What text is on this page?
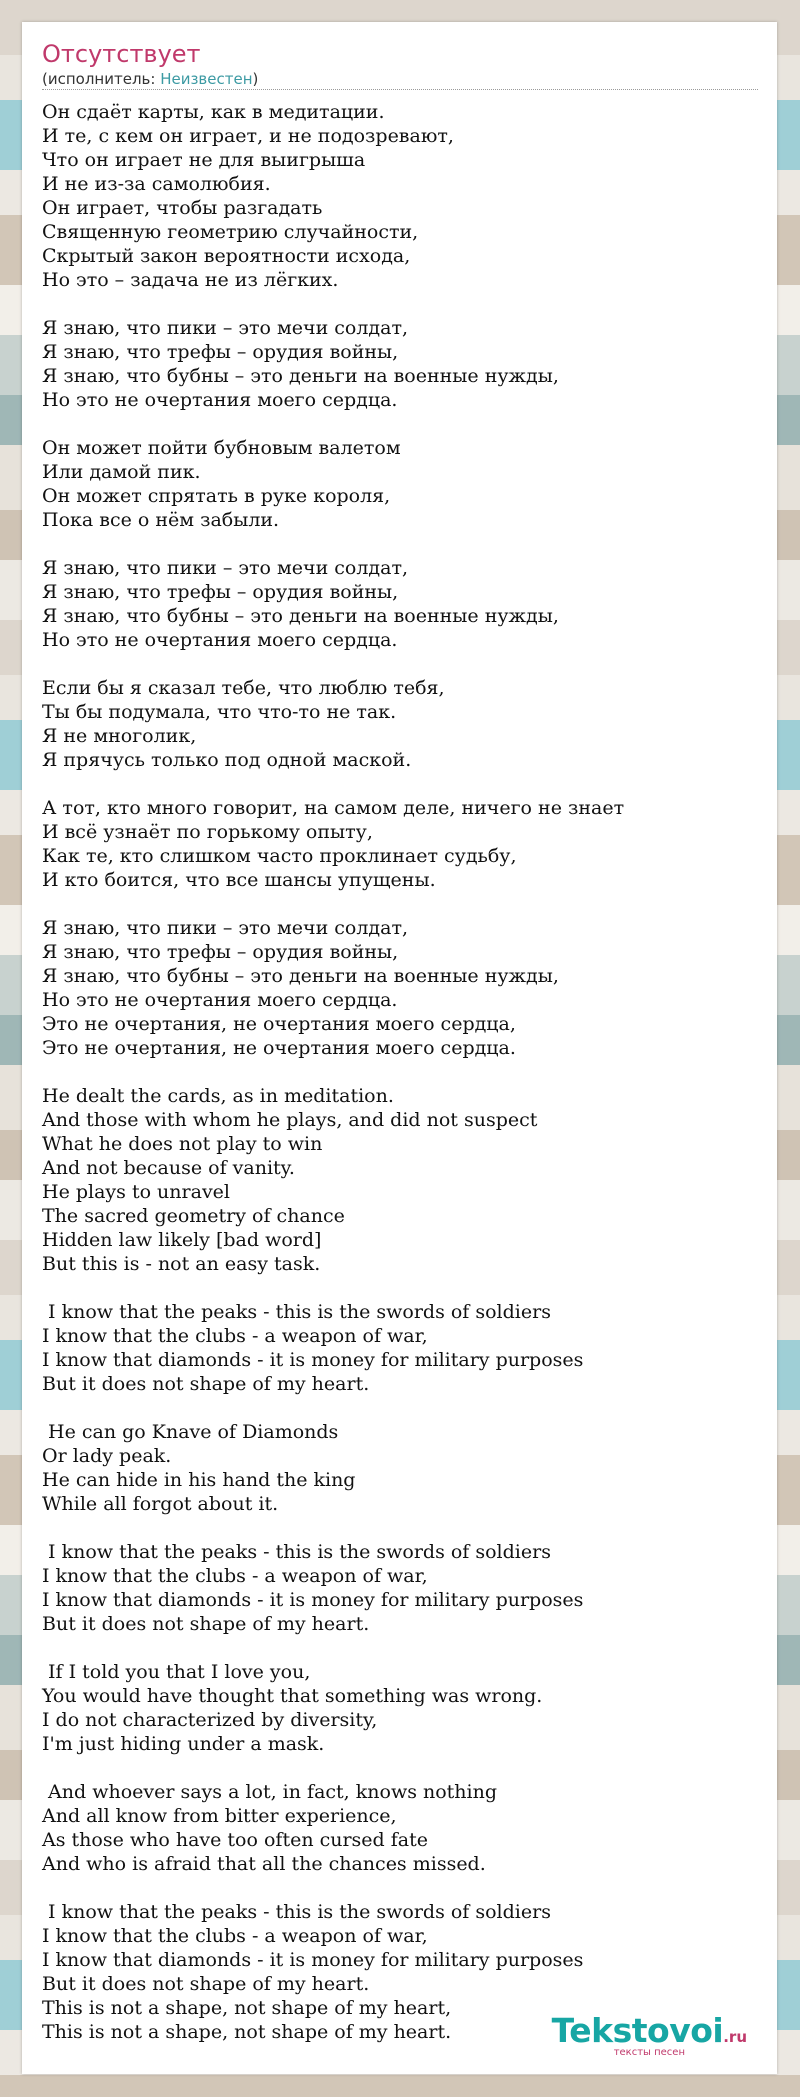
Отсутствует
(исполнитель: Неизвестен)
Он сдаёт карты, как в медитации.
И те, с кем он играет, и не подозревают,
Что он играет не для выигрыша
И не из-за самолюбия.
Он играет, чтобы разгадать
Священную геометрию случайности,
Скрытый закон вероятности исхода,
Но это – задача не из лёгких.
Я знаю, что пики – это мечи солдат,
Я знаю, что трефы – орудия войны,
Я знаю, что бубны – это деньги на военные нужды,
Но это не очертания моего сердца.
Он может пойти бубновым валетом
Или дамой пик.
Он может спрятать в руке короля,
Пока все о нём забыли.
Я знаю, что пики – это мечи солдат,
Я знаю, что трефы – орудия войны,
Я знаю, что бубны – это деньги на военные нужды,
Но это не очертания моего сердца.
Если бы я сказал тебе, что люблю тебя,
Ты бы подумала, что что-то не так.
Я не многолик,
Я прячусь только под одной маской.
А тот, кто много говорит, на самом деле, ничего не знает
И всё узнаёт по горькому опыту,
Как те, кто слишком часто проклинает судьбу,
И кто боится, что все шансы упущены.
Я знаю, что пики – это мечи солдат,
Я знаю, что трефы – орудия войны,
Я знаю, что бубны – это деньги на военные нужды,
Но это не очертания моего сердца.
Это не очертания, не очертания моего сердца,
Это не очертания, не очертания моего сердца.
He dealt the cards, as in meditation.
And those with whom he plays, and did not suspect
What he does not play to win
And not because of vanity.
He plays to unravel
The sacred geometry of chance
Hidden law likely [bad word]
But this is - not an easy task.
I know that the peaks - this is the swords of soldiers
I know that the clubs - a weapon of war,
I know that diamonds - it is money for military purposes
But it does not shape of my heart.
He can go Knave of Diamonds
Or lady peak.
He can hide in his hand the king
While all forgot about it.
I know that the peaks - this is the swords of soldiers
I know that the clubs - a weapon of war,
I know that diamonds - it is money for military purposes
But it does not shape of my heart.
If I told you that I love you,
You would have thought that something was wrong.
I do not characterized by diversity,
I'm just hiding under a mask.
And whoever says a lot, in fact, knows nothing
And all know from bitter experience,
As those who have too often cursed fate
And who is afraid that all the chances missed.
I know that the peaks - this is the swords of soldiers
I know that the clubs - a weapon of war,
I know that diamonds - it is money for military purposes
But it does not shape of my heart.
This is not a shape, not shape of my heart,
This is not a shape, not shape of my heart.	Tekstovoi.ru
тексты песен
